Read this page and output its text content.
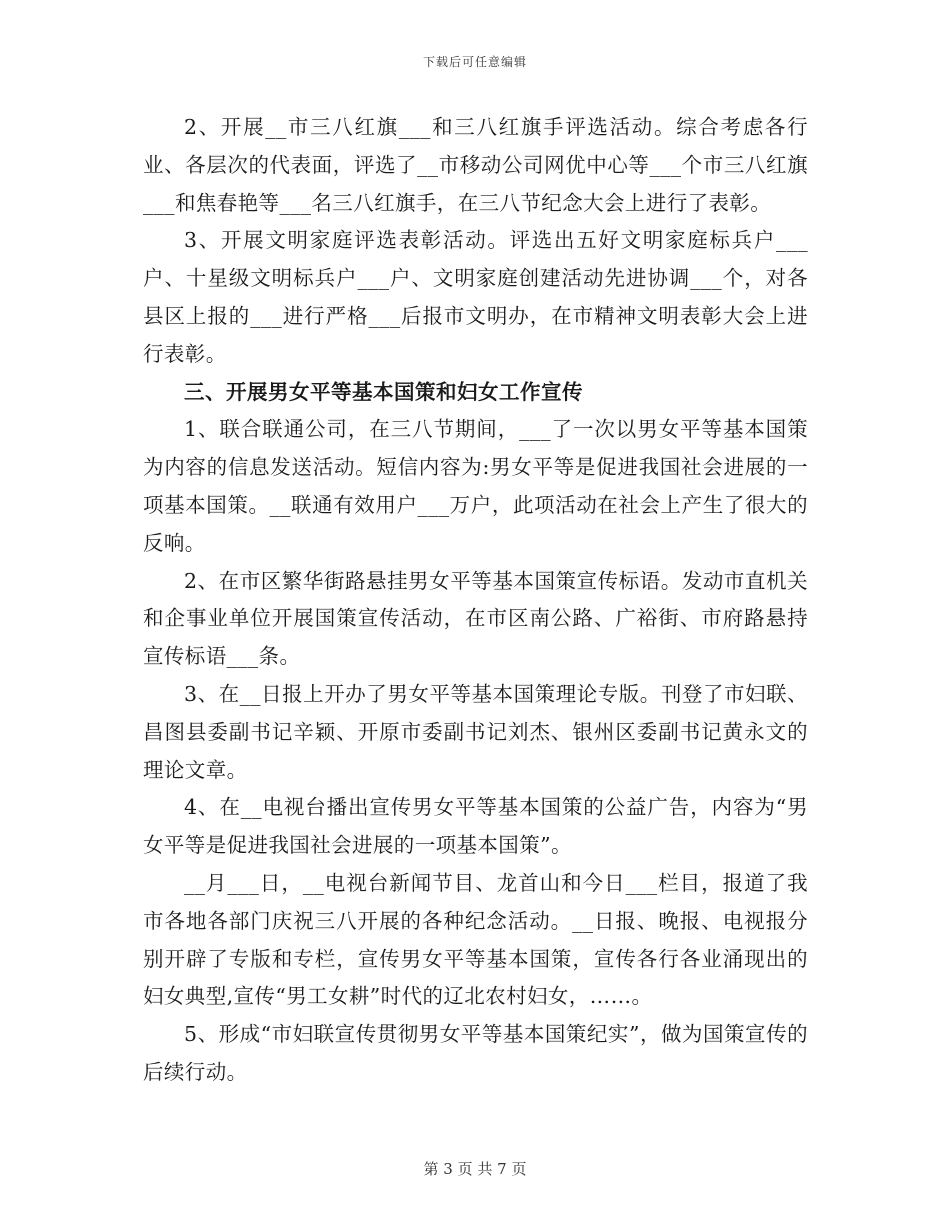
下载后可任意编辑

2、开展__市三八红旗___和三八红旗手评选活动。综合考虑各行业、各层次的代表面，评选了__市移动公司网优中心等___个市三八红旗___和焦春艳等___名三八红旗手，在三八节纪念大会上进行了表彰。

3、开展文明家庭评选表彰活动。评选出五好文明家庭标兵户___户、十星级文明标兵户___户、文明家庭创建活动先进协调___个，对各县区上报的___进行严格___后报市文明办，在市精神文明表彰大会上进行表彰。

三、开展男女平等基本国策和妇女工作宣传

1、联合联通公司，在三八节期间，___了一次以男女平等基本国策为内容的信息发送活动。短信内容为:男女平等是促进我国社会进展的一项基本国策。__联通有效用户___万户，此项活动在社会上产生了很大的反响。

2、在市区繁华街路悬挂男女平等基本国策宣传标语。发动市直机关和企事业单位开展国策宣传活动，在市区南公路、广裕街、市府路悬持宣传标语___条。

3、在__日报上开办了男女平等基本国策理论专版。刊登了市妇联、昌图县委副书记辛颖、开原市委副书记刘杰、银州区委副书记黄永文的理论文章。

4、在__电视台播出宣传男女平等基本国策的公益广告，内容为“男女平等是促进我国社会进展的一项基本国策”。

__月___日，__电视台新闻节目、龙首山和今日___栏目，报道了我市各地各部门庆祝三八开展的各种纪念活动。__日报、晚报、电视报分别开辟了专版和专栏，宣传男女平等基本国策，宣传各行各业涌现出的妇女典型,宣传“男工女耕”时代的辽北农村妇女，……。

5、形成“市妇联宣传贯彻男女平等基本国策纪实”，做为国策宣传的后续行动。

第 3 页 共 7 页
